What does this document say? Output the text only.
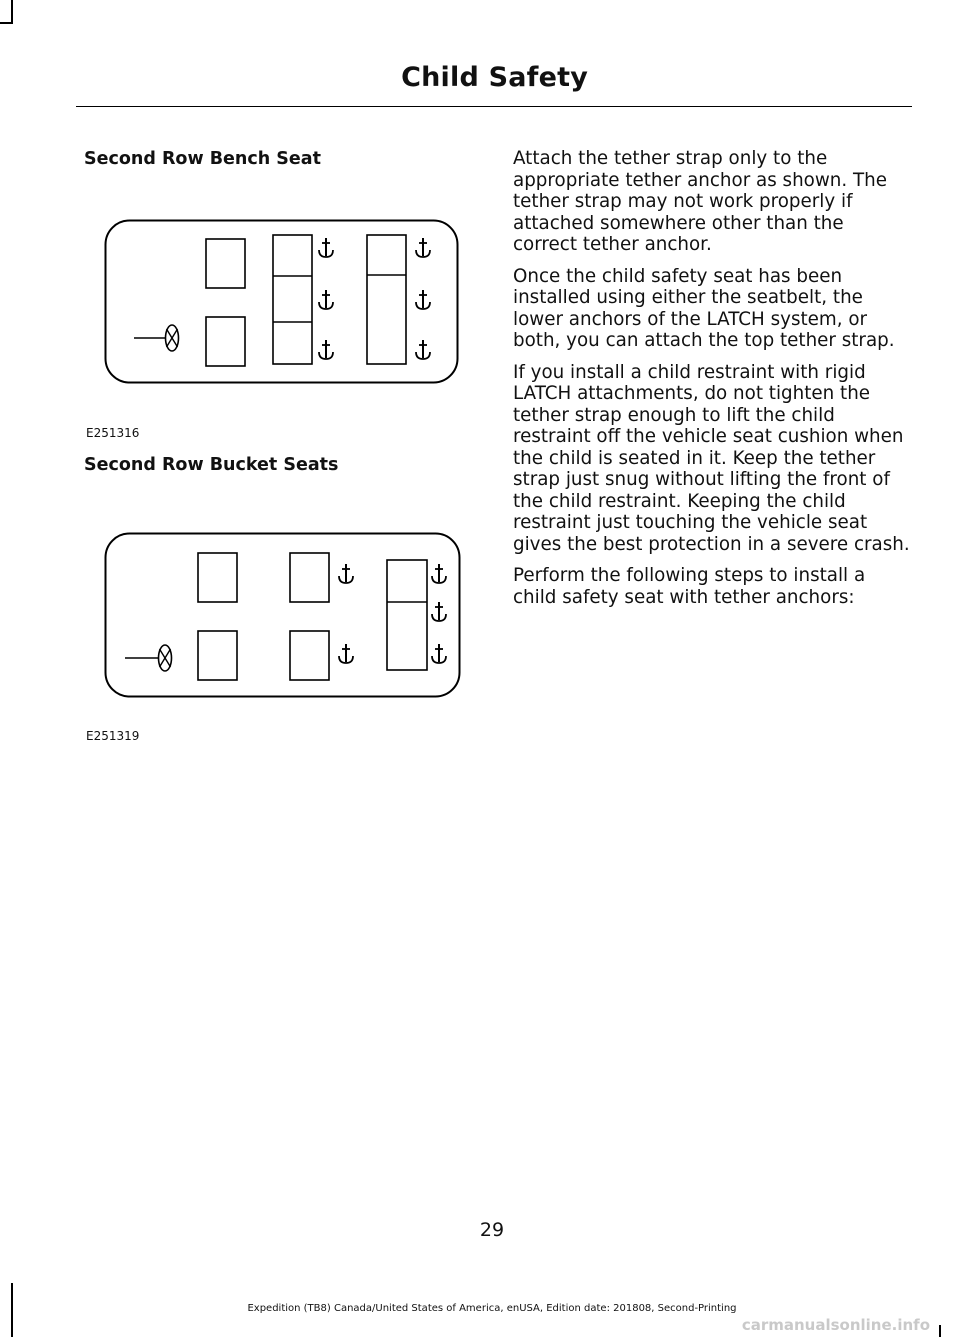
Child Safety
Second Row Bench Seat
E251316
Second Row Bucket Seats
E251319

Attach the tether strap only to the appropriate tether anchor as shown. The tether strap may not work properly if attached somewhere other than the correct tether anchor.

Once the child safety seat has been installed using either the seatbelt, the lower anchors of the LATCH system, or both, you can attach the top tether strap.

If you install a child restraint with rigid LATCH attachments, do not tighten the tether strap enough to lift the child restraint off the vehicle seat cushion when the child is seated in it. Keep the tether strap just snug without lifting the front of the child restraint. Keeping the child restraint just touching the vehicle seat gives the best protection in a severe crash.

Perform the following steps to install a child safety seat with tether anchors:

29
Expedition (TB8) Canada/United States of America, enUSA, Edition date: 201808, Second-Printing
carmanualsonline.info
